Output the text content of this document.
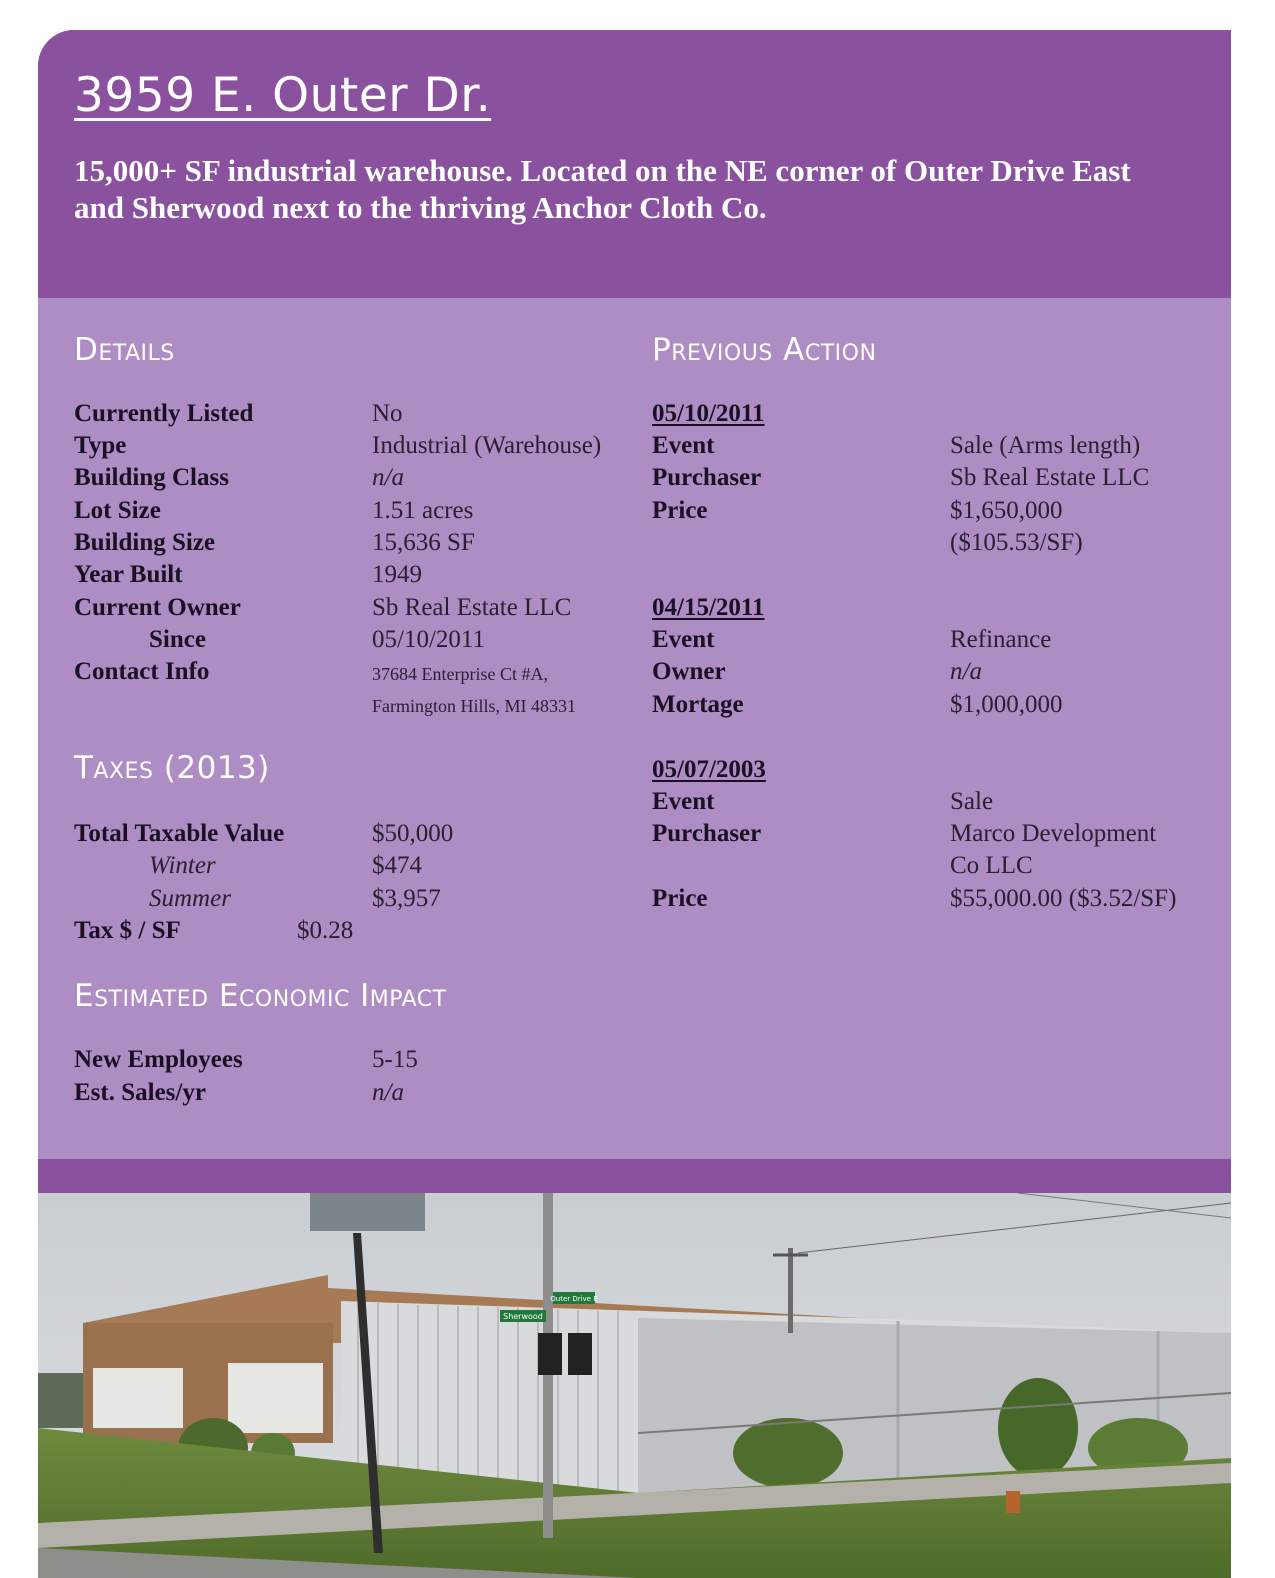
3959 E. Outer Dr.

15,000+ SF industrial warehouse. Located on the NE corner of Outer Drive East and Sherwood next to the thriving Anchor Cloth Co.

Details
Currently Listed	No
Type	Industrial (Warehouse)
Building Class	n/a
Lot Size	1.51 acres
Building Size	15,636 SF
Year Built	1949
Current Owner	Sb Real Estate LLC
Since	05/10/2011
Contact Info	37684 Enterprise Ct #A,
Farmington Hills, MI 48331
Taxes (2013)
Total Taxable Value	$50,000
Winter	$474
Summer	$3,957
Tax $ / SF	$0.28
Estimated Economic Impact
New Employees	5-15
Est. Sales/yr	n/a
Previous Action
05/10/2011
Event	Sale (Arms length)
Purchaser	Sb Real Estate LLC
Price	$1,650,000
($105.53/SF)
04/15/2011
Event	Refinance
Owner	n/a
Mortage	$1,000,000
05/07/2003
Event	Sale
Purchaser	Marco Development
Co LLC
Price	$55,000.00 ($3.52/SF)
Sherwood
Outer Drive E
